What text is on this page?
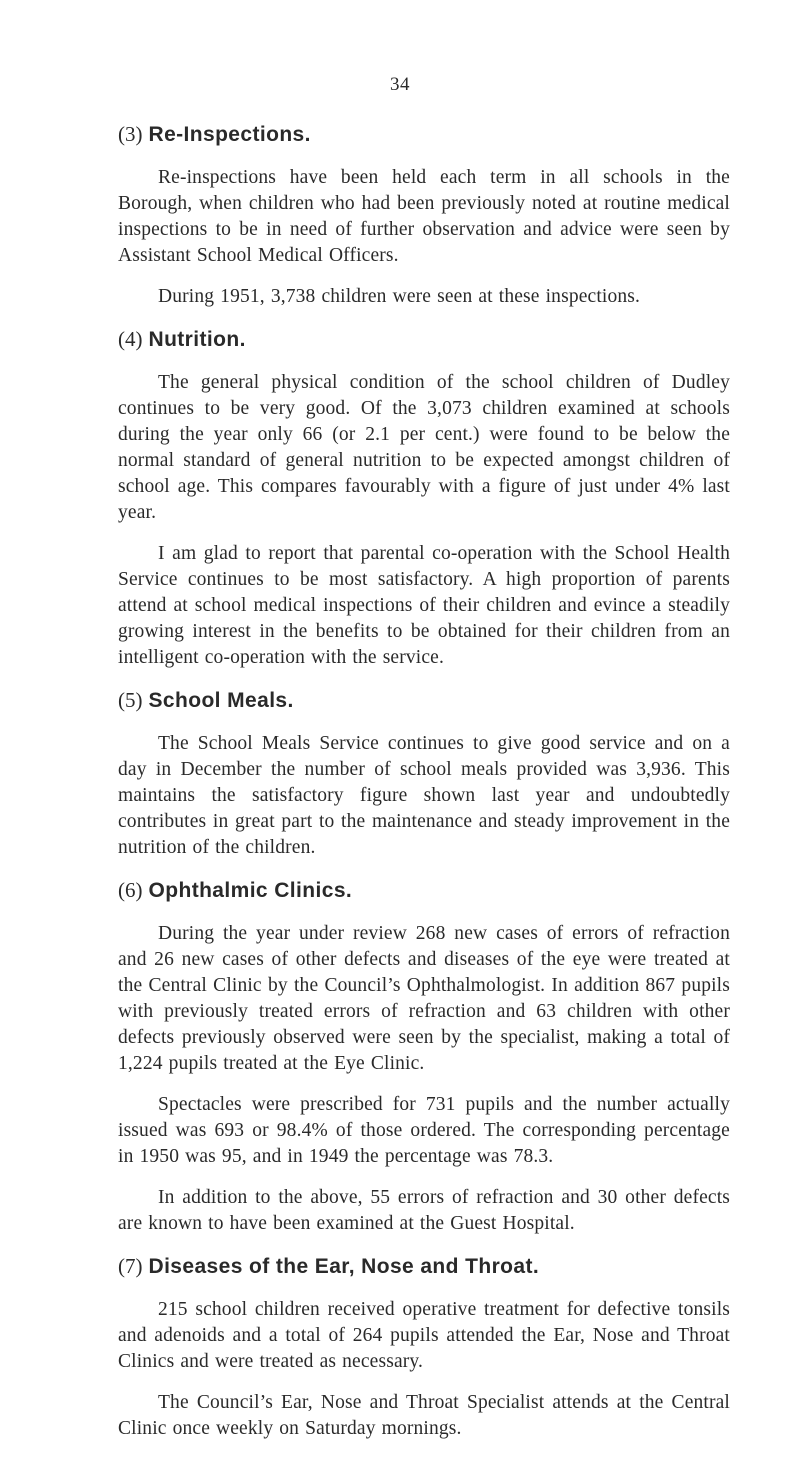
34
(3) Re-Inspections.

Re-inspections have been held each term in all schools in the Borough, when children who had been previously noted at routine medical inspections to be in need of further observation and advice were seen by Assistant School Medical Officers.

During 1951, 3,738 children were seen at these inspections.

(4) Nutrition.

The general physical condition of the school children of Dudley continues to be very good. Of the 3,073 children examined at schools during the year only 66 (or 2.1 per cent.) were found to be below the normal standard of general nutrition to be expected amongst children of school age. This compares favourably with a figure of just under 4% last year.

I am glad to report that parental co-operation with the School Health Service continues to be most satisfactory. A high proportion of parents attend at school medical inspections of their children and evince a steadily growing interest in the benefits to be obtained for their children from an intelligent co-operation with the service.

(5) School Meals.

The School Meals Service continues to give good service and on a day in December the number of school meals provided was 3,936. This maintains the satisfactory figure shown last year and undoubtedly contributes in great part to the maintenance and steady improvement in the nutrition of the children.

(6) Ophthalmic Clinics.

During the year under review 268 new cases of errors of refraction and 26 new cases of other defects and diseases of the eye were treated at the Central Clinic by the Council’s Ophthalmologist. In addition 867 pupils with previously treated errors of refraction and 63 children with other defects previously observed were seen by the specialist, making a total of 1,224 pupils treated at the Eye Clinic.

Spectacles were prescribed for 731 pupils and the number actually issued was 693 or 98.4% of those ordered. The corresponding percentage in 1950 was 95, and in 1949 the percentage was 78.3.

In addition to the above, 55 errors of refraction and 30 other defects are known to have been examined at the Guest Hospital.

(7) Diseases of the Ear, Nose and Throat.

215 school children received operative treatment for defective tonsils and adenoids and a total of 264 pupils attended the Ear, Nose and Throat Clinics and were treated as necessary.

The Council’s Ear, Nose and Throat Specialist attends at the Central Clinic once weekly on Saturday mornings.
